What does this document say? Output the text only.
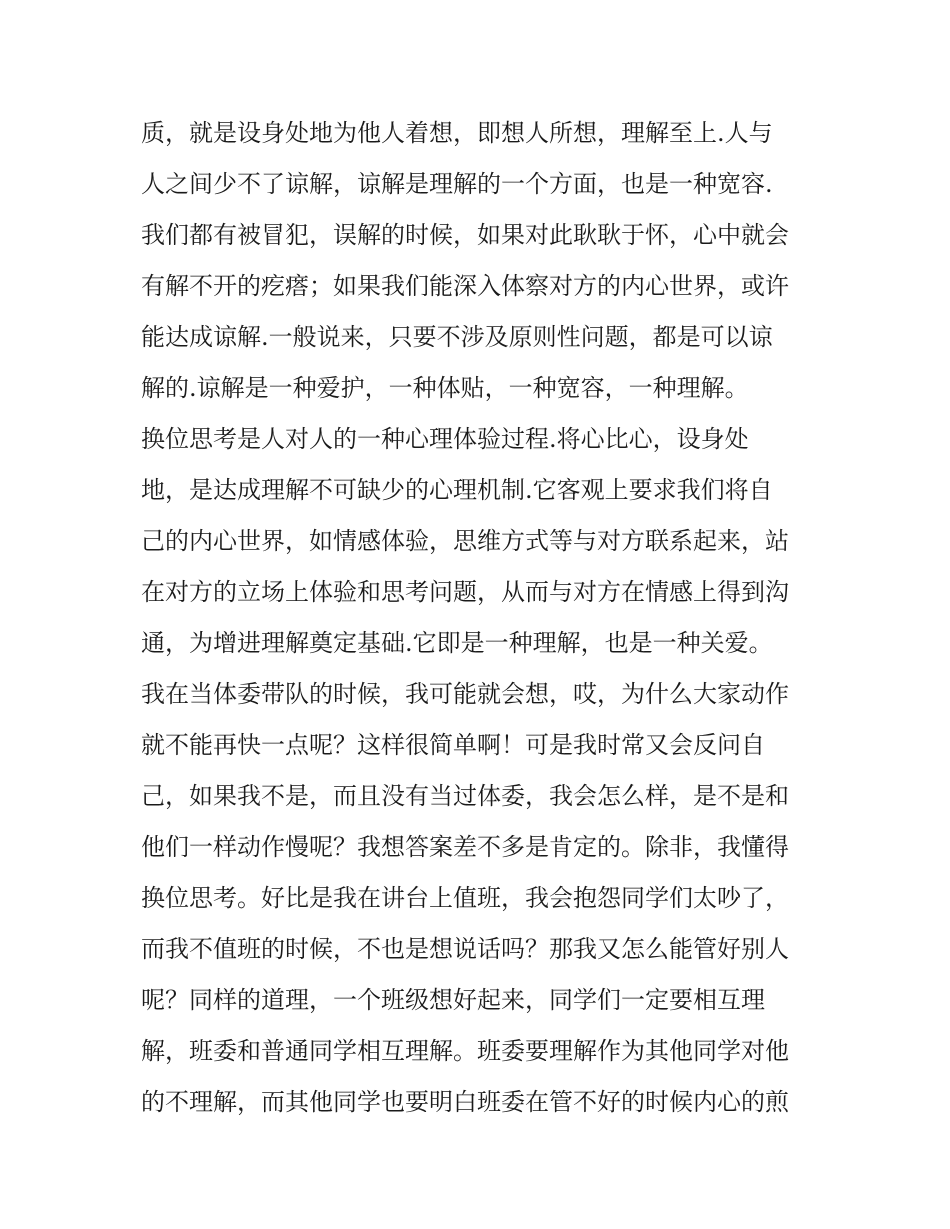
质，就是设身处地为他人着想，即想人所想，理解至上.人与
人之间少不了谅解，谅解是理解的一个方面，也是一种宽容.
我们都有被冒犯，误解的时候，如果对此耿耿于怀，心中就会
有解不开的疙瘩；如果我们能深入体察对方的内心世界，或许
能达成谅解.一般说来，只要不涉及原则性问题，都是可以谅
解的.谅解是一种爱护，一种体贴，一种宽容，一种理解。
换位思考是人对人的一种心理体验过程.将心比心，设身处
地，是达成理解不可缺少的心理机制.它客观上要求我们将自
己的内心世界，如情感体验，思维方式等与对方联系起来，站
在对方的立场上体验和思考问题，从而与对方在情感上得到沟
通，为增进理解奠定基础.它即是一种理解，也是一种关爱。
我在当体委带队的时候，我可能就会想，哎，为什么大家动作
就不能再快一点呢？这样很简单啊！可是我时常又会反问自
己，如果我不是，而且没有当过体委，我会怎么样，是不是和
他们一样动作慢呢？我想答案差不多是肯定的。除非，我懂得
换位思考。好比是我在讲台上值班，我会抱怨同学们太吵了，
而我不值班的时候，不也是想说话吗？那我又怎么能管好别人
呢？同样的道理，一个班级想好起来，同学们一定要相互理
解，班委和普通同学相互理解。班委要理解作为其他同学对他
的不理解，而其他同学也要明白班委在管不好的时候内心的煎
